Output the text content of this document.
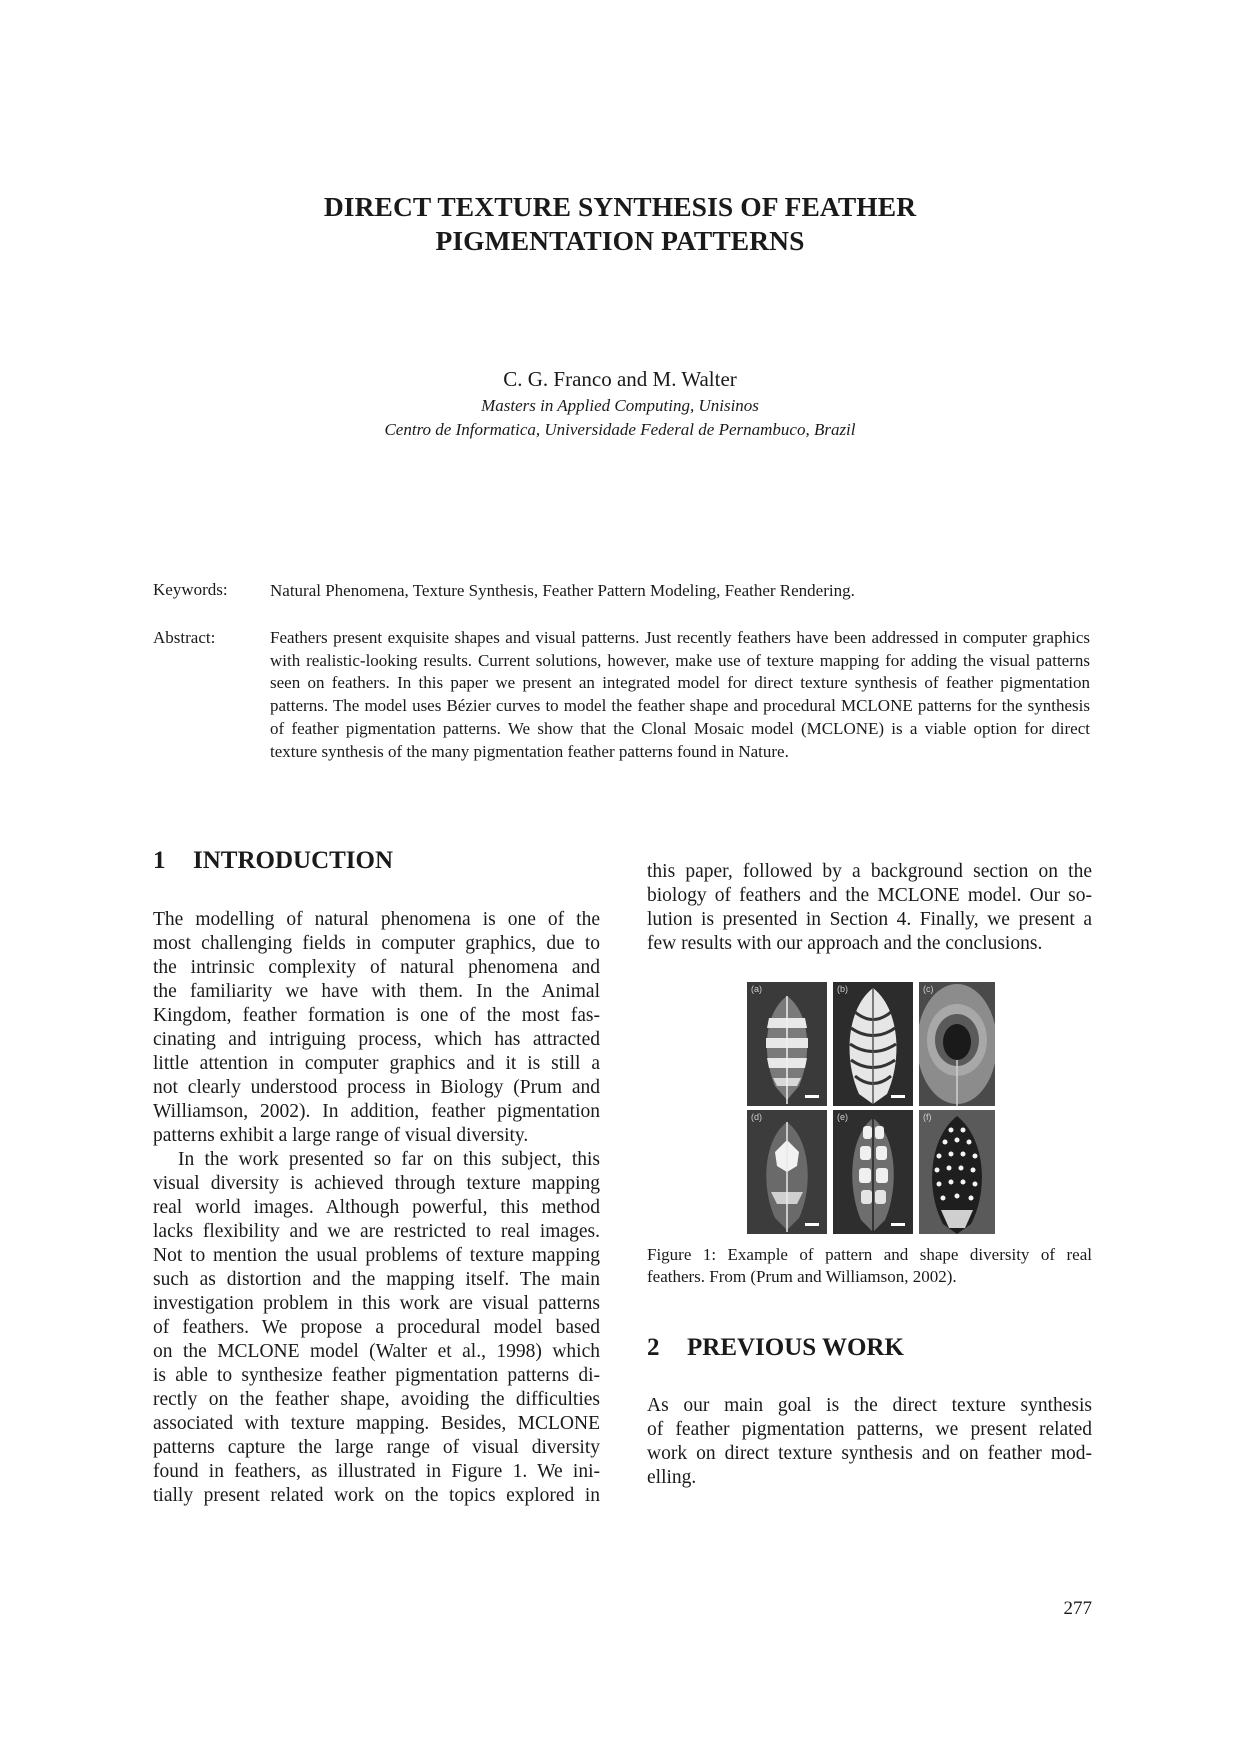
DIRECT TEXTURE SYNTHESIS OF FEATHER
PIGMENTATION PATTERNS
C. G. Franco and M. Walter
Masters in Applied Computing, Unisinos
Centro de Informatica, Universidade Federal de Pernambuco, Brazil
Keywords: Natural Phenomena, Texture Synthesis, Feather Pattern Modeling, Feather Rendering.
Abstract:	Feathers present exquisite shapes and visual patterns. Just recently feathers have been addressed in computer graphics with realistic-looking results. Current solutions, however, make use of texture mapping for adding the visual patterns seen on feathers. In this paper we present an integrated model for direct texture synthesis of feather pigmentation patterns. The model uses Bézier curves to model the feather shape and procedural MCLONE patterns for the synthesis of feather pigmentation patterns. We show that the Clonal Mosaic model (MCLONE) is a viable option for direct texture synthesis of the many pigmentation feather patterns found in Nature.
1 INTRODUCTION
The modelling of natural phenomena is one of the
most challenging fields in computer graphics, due to
the intrinsic complexity of natural phenomena and
the familiarity we have with them. In the Animal
Kingdom, feather formation is one of the most fas-
cinating and intriguing process, which has attracted
little attention in computer graphics and it is still a
not clearly understood process in Biology (Prum and
Williamson, 2002). In addition, feather pigmentation
patterns exhibit a large range of visual diversity.
In the work presented so far on this subject, this
visual diversity is achieved through texture mapping
real world images. Although powerful, this method
lacks flexibility and we are restricted to real images.
Not to mention the usual problems of texture mapping
such as distortion and the mapping itself. The main
investigation problem in this work are visual patterns
of feathers. We propose a procedural model based
on the MCLONE model (Walter et al., 1998) which
is able to synthesize feather pigmentation patterns di-
rectly on the feather shape, avoiding the difficulties
associated with texture mapping. Besides, MCLONE
patterns capture the large range of visual diversity
found in feathers, as illustrated in Figure 1. We ini-
tially present related work on the topics explored in
this paper, followed by a background section on the
biology of feathers and the MCLONE model. Our so-
lution is presented in Section 4. Finally, we present a
few results with our approach and the conclusions.
2 PREVIOUS WORK
As our main goal is the direct texture synthesis
of feather pigmentation patterns, we present related
work on direct texture synthesis and on feather mod-
elling.
(a)	(b)	(c)
(d)	(e)	(f)
Figure 1: Example of pattern and shape diversity of real
feathers. From (Prum and Williamson, 2002).
277
